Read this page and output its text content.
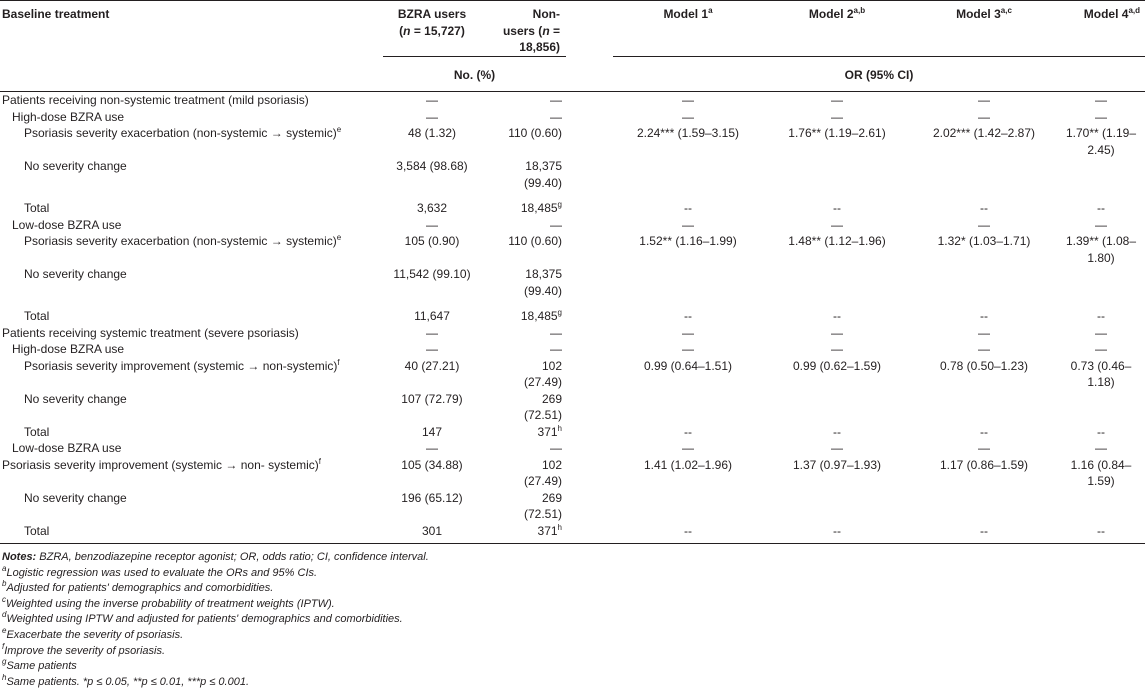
Baseline treatment	BZRA users
(n = 15,727)	Non-
users (n =
18,856)		Model 1$^a$	Model 2$^{a,b}$	Model 3$^{a,c}$	Model 4$^{a,d}$
	No. (%)			OR (95% CI)			

Patients receiving non-systemic treatment (mild psoriasis)	—	—		—	—	—	—
High-dose BZRA use	—	—		—	—	—	—
Psoriasis severity exacerbation (non-systemic → systemic)$^e$	48 (1.32)	110 (0.60)		2.24*** (1.59–3.15)	1.76** (1.19–2.61)	2.02*** (1.42–2.87)	1.70** (1.19–2.45)
No severity change	3,584 (98.68)	18,375
(99.40)					
Total	3,632	18,485$^g$		--	--	--	--
Low-dose BZRA use	—	—		—	—	—	—
Psoriasis severity exacerbation (non-systemic → systemic)$^e$	105 (0.90)	110 (0.60)		1.52** (1.16–1.99)	1.48** (1.12–1.96)	1.32* (1.03–1.71)	1.39** (1.08–1.80)
No severity change	11,542 (99.10)	18,375
(99.40)					
Total	11,647	18,485$^g$		--	--	--	--
Patients receiving systemic treatment (severe psoriasis)	—	—		—	—	—	—
High-dose BZRA use	—	—		—	—	—	—
Psoriasis severity improvement (systemic → non-systemic)$^f$	40 (27.21)	102
(27.49)		0.99 (0.64–1.51)	0.99 (0.62–1.59)	0.78 (0.50–1.23)	0.73 (0.46–1.18)
No severity change	107 (72.79)	269
(72.51)					
Total	147	371$^h$		--	--	--	--
Low-dose BZRA use	—	—		—	—	—	—
Psoriasis severity improvement (systemic → non- systemic)$^f$	105 (34.88)	102
(27.49)		1.41 (1.02–1.96)	1.37 (0.97–1.93)	1.17 (0.86–1.59)	1.16 (0.84–1.59)
No severity change	196 (65.12)	269
(72.51)					
Total	301	371$^h$		--	--	--	--
Notes: BZRA, benzodiazepine receptor agonist; OR, odds ratio; CI, confidence interval.
$^a$Logistic regression was used to evaluate the ORs and 95% CIs.
$^b$Adjusted for patients' demographics and comorbidities.
$^c$Weighted using the inverse probability of treatment weights (IPTW).
$^d$Weighted using IPTW and adjusted for patients' demographics and comorbidities.
$^e$Exacerbate the severity of psoriasis.
$^f$Improve the severity of psoriasis.
$^g$Same patients
$^h$Same patients. *p ≤ 0.05, **p ≤ 0.01, ***p ≤ 0.001.
